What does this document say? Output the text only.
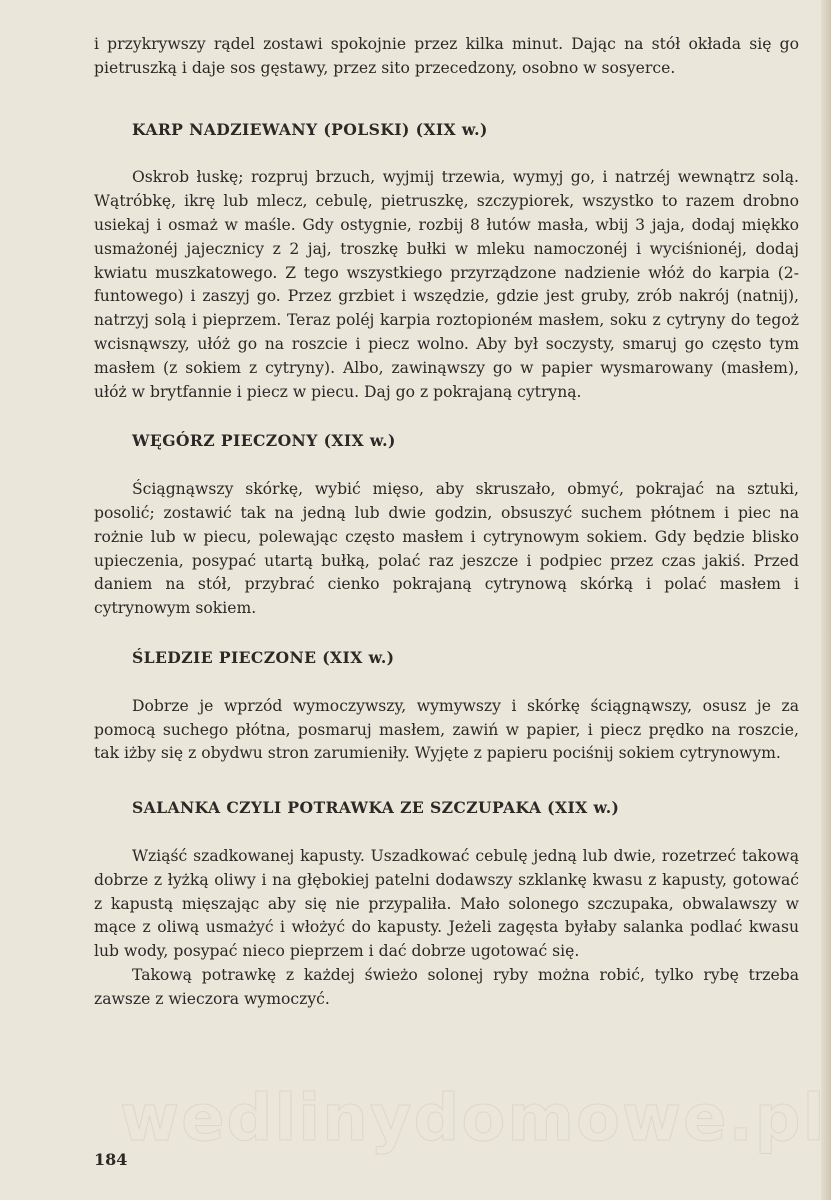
i przykrywszy rądel zostawi spokojnie przez kilka minut. Dając na stół okłada się go pietruszką i daje sos gęstawy, przez sito przecedzony, osobno w sosyerce.

KARP NADZIEWANY (POLSKI) (XIX w.)

Oskrob łuskę; rozpruj brzuch, wyjmij trzewia, wymyj go, i natrzéj wewnątrz solą. Wątróbkę, ikrę lub mlecz, cebulę, pietruszkę, szczypiorek, wszystko to razem drobno usiekaj i osmaż w maśle. Gdy ostygnie, rozbij 8 łutów masła, wbij 3 jaja, dodaj miękko usmażonéj jajecznicy z 2 jaj, troszkę bułki w mleku namoczonéj i wyciśnionéj, dodaj kwiatu muszkatowego. Z tego wszystkiego przyrządzone nadzienie włóż do karpia (2-funtowego) i zaszyj go. Przez grzbiet i wszędzie, gdzie jest gruby, zrób nakrój (natnij), natrzyj solą i pieprzem. Teraz poléj karpia roztopionéм masłem, soku z cytryny do tegoż wcisnąwszy, ułóż go na roszcie i piecz wolno. Aby był soczysty, smaruj go często tym masłem (z sokiem z cytryny). Albo, zawinąwszy go w papier wysmarowany (masłem), ułóż w brytfannie i piecz w piecu. Daj go z pokrajaną cytryną.

WĘGÓRZ PIECZONY (XIX w.)

Ściągnąwszy skórkę, wybić mięso, aby skruszało, obmyć, pokrajać na sztuki, posolić; zostawić tak na jedną lub dwie godzin, obsuszyć suchem płótnem i piec na rożnie lub w piecu, polewając często masłem i cytrynowym sokiem. Gdy będzie blisko upieczenia, posypać utartą bułką, polać raz jeszcze i podpiec przez czas jakiś. Przed daniem na stół, przybrać cienko pokrajaną cytrynową skórką i polać masłem i cytrynowym sokiem.

ŚLEDZIE PIECZONE (XIX w.)

Dobrze je wprzód wymoczywszy, wymywszy i skórkę ściągnąwszy, osusz je za pomocą suchego płótna, posmaruj masłem, zawiń w papier, i piecz prędko na roszcie, tak iżby się z obydwu stron zarumieniły. Wyjęte z papieru pociśnij sokiem cytrynowym.

SALANKA CZYLI POTRAWKA ZE SZCZUPAKA (XIX w.)

Wziąść szadkowanej kapusty. Uszadkować cebulę jedną lub dwie, rozetrzeć takową dobrze z łyżką oliwy i na głębokiej patelni dodawszy szklankę kwasu z kapusty, gotować z kapustą mięszając aby się nie przypaliła. Mało solonego szczupaka, obwalawszy w mące z oliwą usmażyć i włożyć do kapusty. Jeżeli zagęsta byłaby salanka podlać kwasu lub wody, posypać nieco pieprzem i dać dobrze ugotować się.

Takową potrawkę z każdej świeżo solonej ryby można robić, tylko rybę trzeba zawsze z wieczora wymoczyć.

wedlinydomowe.pl
184
